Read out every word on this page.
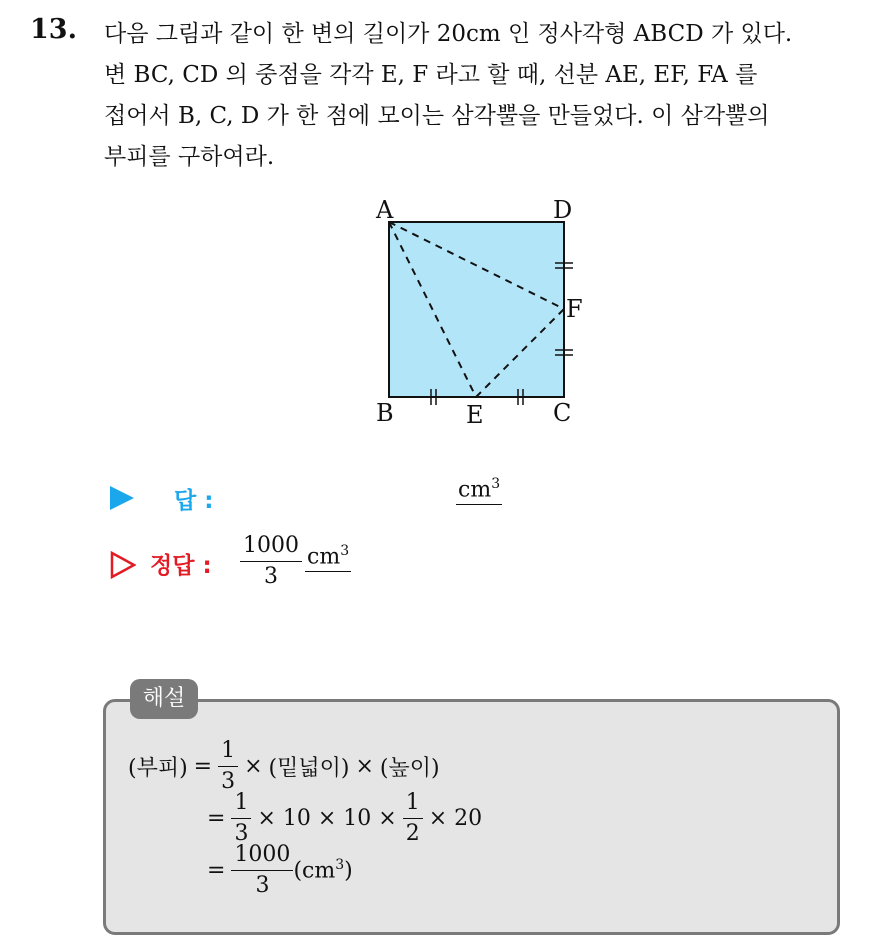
13. 다음 그림과 같이 한 변의 길이가 20cm 인 정사각형 ABCD 가 있다.
변 BC, CD 의 중점을 각각 E, F 라고 할 때, 선분 AE, EF, FA 를
접어서 B, C, D 가 한 점에 모이는 삼각뿔을 만들었다. 이 삼각뿔의
부피를 구하여라.
A	D
F
B	E	C
답 :	$cm^3$
정답 : $\frac{1000}{3} cm^3$
해설
(부피) = $\frac{1}{3}$ × (밑넓이) × (높이)
= $\frac{1}{3} \times 10 \times 10 \times \frac{1}{2} \times 20$
= $\frac{1000}{3} (cm^3)$
